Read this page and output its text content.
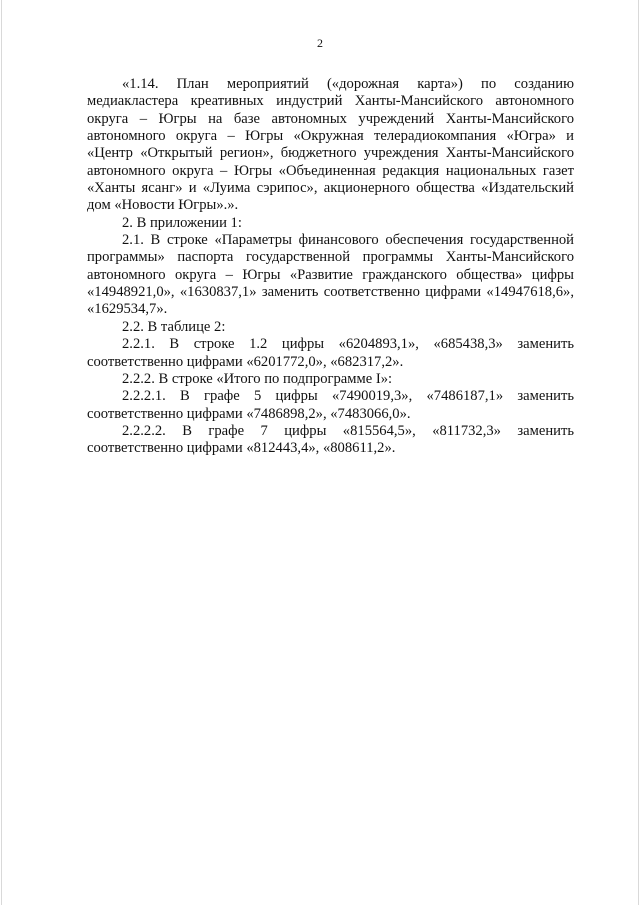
2

«1.14. План мероприятий («дорожная карта») по созданию медиакластера креативных индустрий Ханты-Мансийского автономного округа – Югры на базе автономных учреждений Ханты-Мансийского автономного округа – Югры «Окружная телерадиокомпания «Югра» и «Центр «Открытый регион», бюджетного учреждения Ханты-Мансийского автономного округа – Югры «Объединенная редакция национальных газет «Ханты ясанг» и «Луима сэрипос», акционерного общества «Издательский дом «Новости Югры».».

2. В приложении 1:

2.1. В строке «Параметры финансового обеспечения государственной программы» паспорта государственной программы Ханты-Мансийского автономного округа – Югры «Развитие гражданского общества» цифры «14948921,0», «1630837,1» заменить соответственно цифрами «14947618,6», «1629534,7».

2.2. В таблице 2:

2.2.1. В строке 1.2 цифры «6204893,1», «685438,3» заменить соответственно цифрами «6201772,0», «682317,2».

2.2.2. В строке «Итого по подпрограмме I»:

2.2.2.1. В графе 5 цифры «7490019,3», «7486187,1» заменить соответственно цифрами «7486898,2», «7483066,0».

2.2.2.2. В графе 7 цифры «815564,5», «811732,3» заменить соответственно цифрами «812443,4», «808611,2».
